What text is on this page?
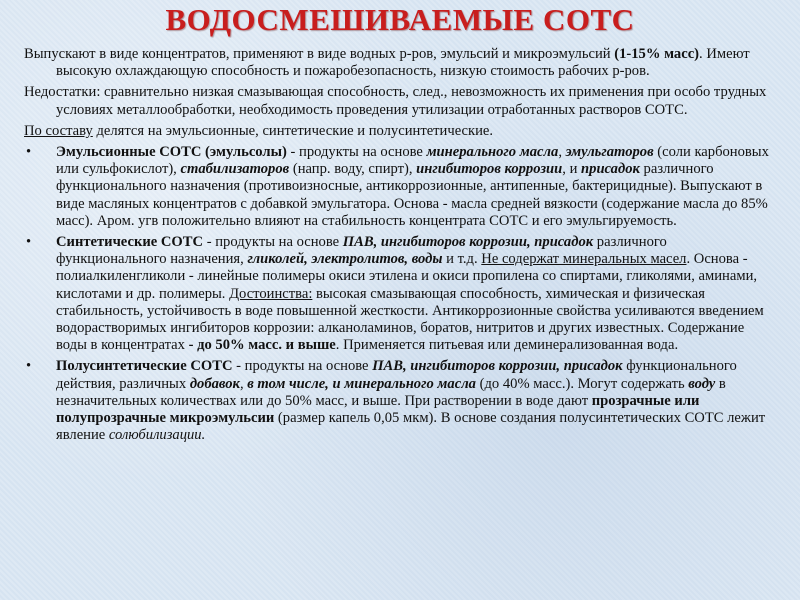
ВОДОСМЕШИВАЕМЫЕ СОТС

Выпускают в виде концентратов, применяют в виде водных р-ров, эмульсий и микроэмульсий (1-15% масс). Имеют высокую охлаждающую способность и пожаробезопасность, низкую стоимость рабочих р-ров.

Недостатки: сравнительно низкая смазывающая способность, след., невозможность их применения при особо трудных условиях металлообработки, необходимость проведения утилизации отработанных растворов СОТС.

По составу делятся на эмульсионные, синтетические и полусинтетические.

• Эмульсионные СОТС (эмульсолы) - продукты на основе минерального масла, эмульгаторов (соли карбоновых или сульфокислот), стабилизаторов (напр. воду, спирт), ингибиторов коррозии, и присадок различного функционального назначения (противоизносные, антикоррозионные, антипенные, бактерицидные). Выпускают в виде масляных концентратов с добавкой эмульгатора. Основа - масла средней вязкости (содержание масла до 85% масс). Аром. угв положительно влияют на стабильность концентрата СОТС и его эмульгируемость.
• Синтетические СОТС - продукты на основе ПАВ, ингибиторов коррозии, присадок различного функционального назначения, гликолей, электролитов, воды и т.д. Не содержат минеральных масел. Основа - полиалкиленгликоли - линейные полимеры окиси этилена и окиси пропилена со спиртами, гликолями, аминами, кислотами и др. полимеры. Достоинства: высокая смазывающая способность, химическая и физическая стабильность, устойчивость в воде повышенной жесткости. Антикоррозионные свойства усиливаются введением водорастворимых ингибиторов коррозии: алканоламинов, боратов, нитритов и других известных. Содержание воды в концентратах - до 50% масс. и выше. Применяется питьевая или деминерализованная вода.
• Полусинтетические СОТС - продукты на основе ПАВ, ингибиторов коррозии, присадок функционального действия, различных добавок, в том числе, и минерального масла (до 40% масс.). Могут содержать воду в незначительных количествах или до 50% масс, и выше. При растворении в воде дают прозрачные или полупрозрачные микроэмульсии (размер капель 0,05 мкм). В основе создания полусинтетических СОТС лежит явление солюбилизации.
